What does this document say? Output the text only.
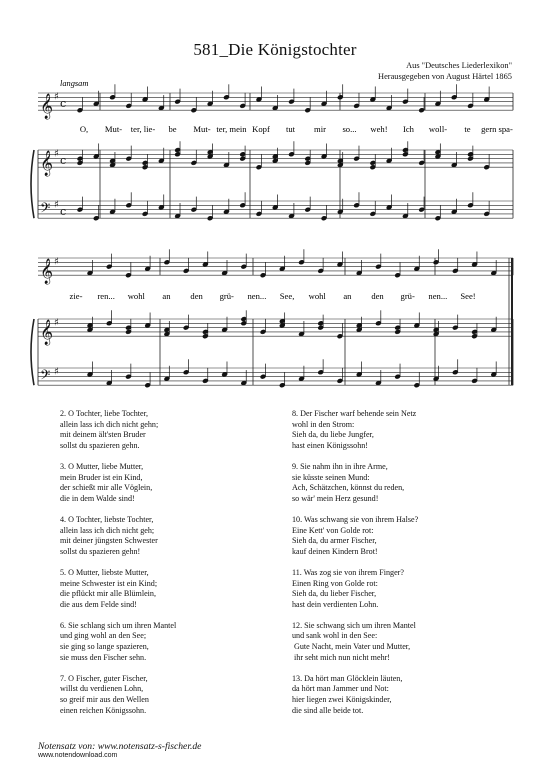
581_Die Königstochter
Aus "Deutsches Liederlexikon"
Herausgegeben von August Härtel 1865
𝄞 c
♯
𝄞 c
♯
𝄢 c
♯
𝄞 ♯
𝄞 ♯
𝄢 ♯
langsam
O, Mut- ter, lie- be Mut- ter, mein Kopf tut mir so... weh! Ich woll- te gern spa-
zie- ren... wohl an den grü- nen... See, wohl an den grü- nen... See!
2. O Tochter, liebe Tochter,
allein lass ich dich nicht gehn;
mit deinem ält'sten Bruder
sollst du spazieren gehn.
3. O Mutter, liebe Mutter,
mein Bruder ist ein Kind,
der schießt mir alle Vöglein,
die in dem Walde sind!
4. O Tochter, liebste Tochter,
allein lass ich dich nicht geh;
mit deiner jüngsten Schwester
sollst du spazieren gehn!
5. O Mutter, liebste Mutter,
meine Schwester ist ein Kind;
die pflückt mir alle Blümlein,
die aus dem Felde sind!
6. Sie schlang sich um ihren Mantel
und ging wohl an den See;
sie ging so lange spazieren,
sie muss den Fischer sehn.
7. O Fischer, guter Fischer,
willst du verdienen Lohn,
so greif mir aus den Wellen
einen reichen Königssohn.
8. Der Fischer warf behende sein Netz
wohl in den Strom:
Sieh da, du liebe Jungfer,
hast einen Königssohn!
9. Sie nahm ihn in ihre Arme,
sie küsste seinen Mund:
Ach, Schätzchen, könnst du reden,
so wär' mein Herz gesund!
10. Was schwang sie von ihrem Halse?
Eine Kett' von Golde rot:
Sieh da, du armer Fischer,
kauf deinen Kindern Brot!
11. Was zog sie von ihrem Finger?
Einen Ring von Golde rot:
Sieh da, du lieber Fischer,
hast dein verdienten Lohn.
12. Sie schwang sich um ihren Mantel
und sank wohl in den See:
Gute Nacht, mein Vater und Mutter,
ihr seht mich nun nicht mehr!
13. Da hört man Glöcklein läuten,
da hört man Jammer und Not:
hier liegen zwei Königskinder,
die sind alle beide tot.
Notensatz von: www.notensatz-s-fischer.de
www.notendownload.com
